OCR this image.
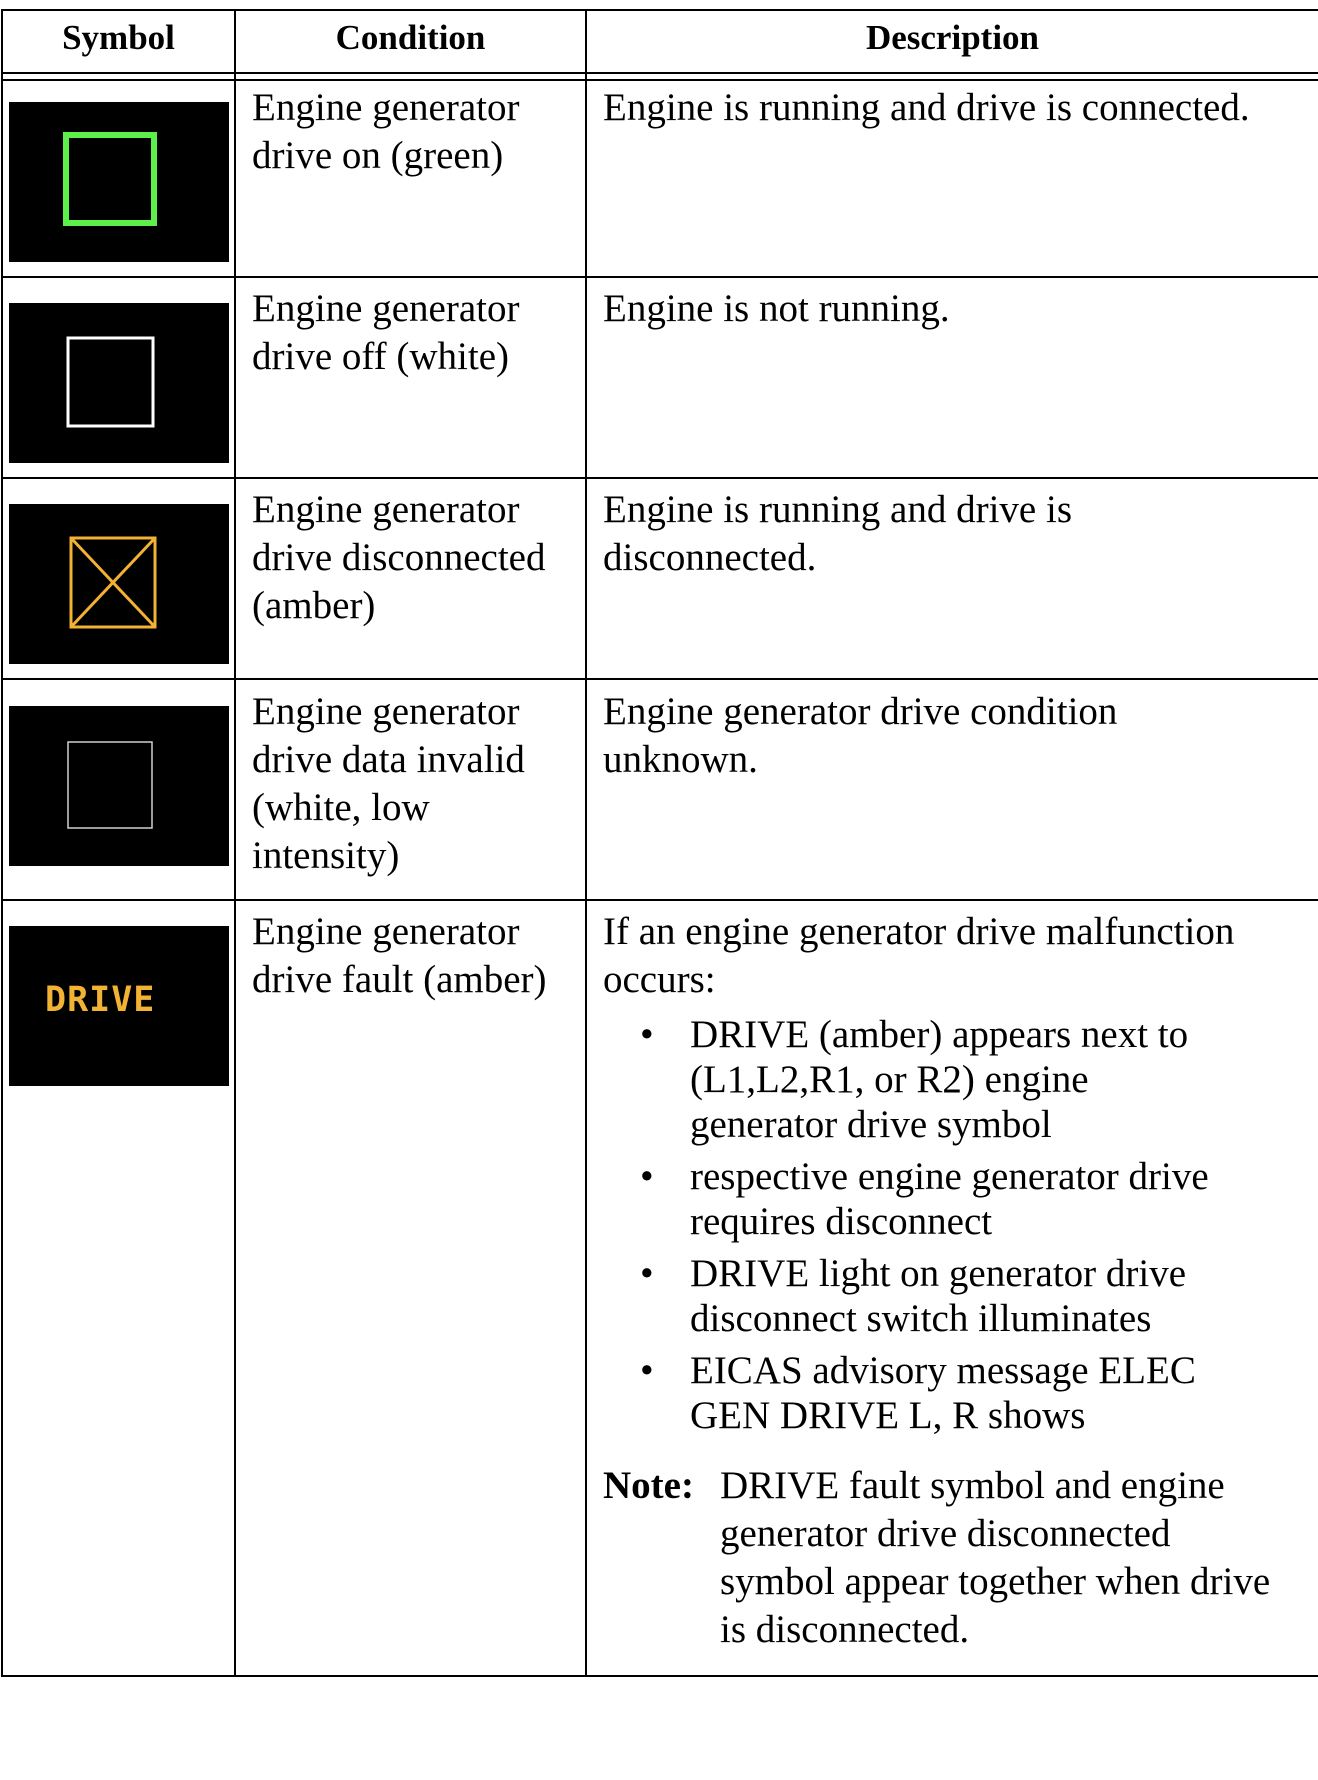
Symbol	Condition	Description
Engine generator
drive on (green)
Engine is running and drive is connected.
Engine generator
drive off (white)
Engine is not running.
Engine generator
drive disconnected
(amber)
Engine is running and drive is
disconnected.
Engine generator
drive data invalid
(white, low
intensity)
Engine generator drive condition
unknown.
DRIVE
Engine generator
drive fault (amber)
If an engine generator drive malfunction
occurs:
• DRIVE (amber) appears next to
(L1,L2,R1, or R2) engine
generator drive symbol
• respective engine generator drive
requires disconnect
• DRIVE light on generator drive
disconnect switch illuminates
• EICAS advisory message ELEC
GEN DRIVE L, R shows
Note: DRIVE fault symbol and engine
generator drive disconnected
symbol appear together when drive
is disconnected.
